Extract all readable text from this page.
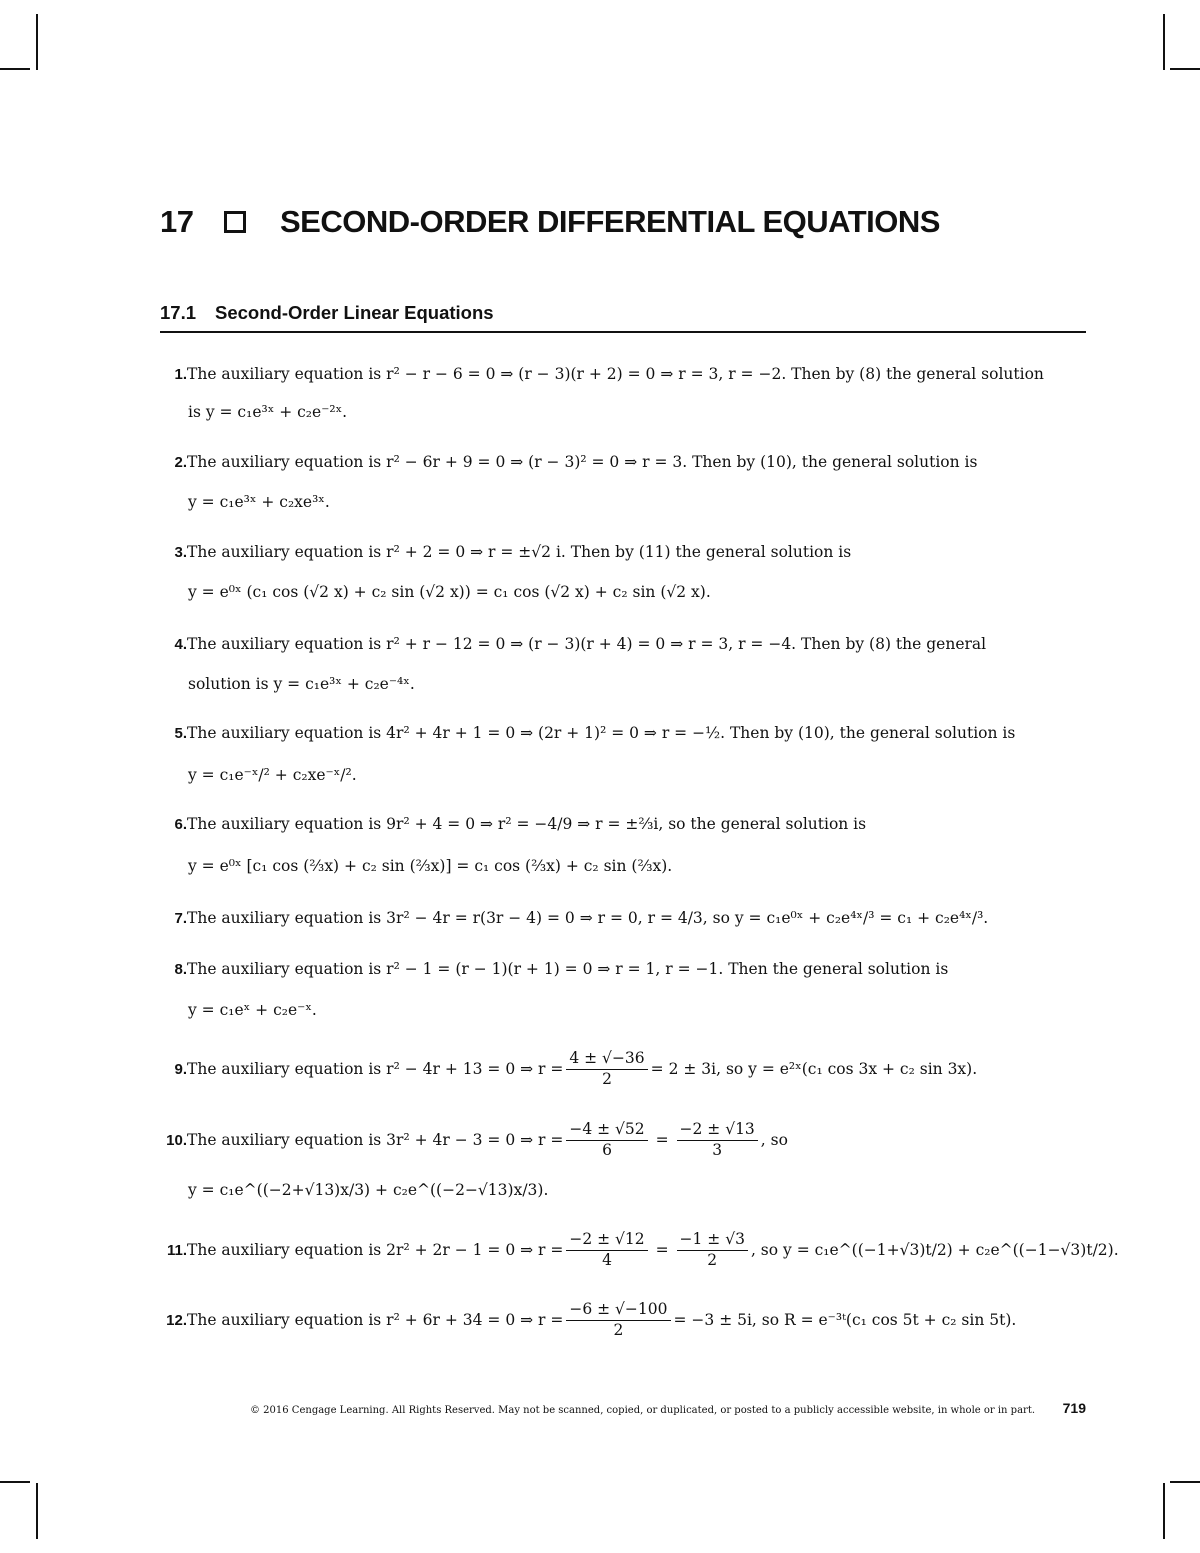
17	SECOND-ORDER DIFFERENTIAL EQUATIONS
17.1	Second-Order Linear Equations
1. The auxiliary equation is r² − r − 6 = 0 ⇒ (r − 3)(r + 2) = 0 ⇒ r = 3, r = −2. Then by (8) the general solution
is y = c₁e³ˣ + c₂e⁻²ˣ.
2. The auxiliary equation is r² − 6r + 9 = 0 ⇒ (r − 3)² = 0 ⇒ r = 3. Then by (10), the general solution is
y = c₁e³ˣ + c₂xe³ˣ.
3. The auxiliary equation is r² + 2 = 0 ⇒ r = ±√2 i. Then by (11) the general solution is
y = e⁰ˣ (c₁ cos (√2 x) + c₂ sin (√2 x)) = c₁ cos (√2 x) + c₂ sin (√2 x).
4. The auxiliary equation is r² + r − 12 = 0 ⇒ (r − 3)(r + 4) = 0 ⇒ r = 3, r = −4. Then by (8) the general
solution is y = c₁e³ˣ + c₂e⁻⁴ˣ.
5. The auxiliary equation is 4r² + 4r + 1 = 0 ⇒ (2r + 1)² = 0 ⇒ r = −½. Then by (10), the general solution is
y = c₁e⁻ˣ/² + c₂xe⁻ˣ/².
6. The auxiliary equation is 9r² + 4 = 0 ⇒ r² = −4/9 ⇒ r = ±⅔i, so the general solution is
y = e⁰ˣ [c₁ cos (⅔x) + c₂ sin (⅔x)] = c₁ cos (⅔x) + c₂ sin (⅔x).
7. The auxiliary equation is 3r² − 4r = r(3r − 4) = 0 ⇒ r = 0, r = 4/3, so y = c₁e⁰ˣ + c₂e⁴ˣ/³ = c₁ + c₂e⁴ˣ/³.
8. The auxiliary equation is r² − 1 = (r − 1)(r + 1) = 0 ⇒ r = 1, r = −1. Then the general solution is
y = c₁eˣ + c₂e⁻ˣ.
9. The auxiliary equation is r² − 4r + 13 = 0 ⇒ $r = \frac{4 \pm √-36}{2} = 2 \pm 3i$, so y = e²ˣ(c₁ cos 3x + c₂ sin 3x).
10. The auxiliary equation is 3r² + 4r − 3 = 0 ⇒ $r = \frac{-4 \pm √52}{6} = \frac{-2 \pm √13}{3}$ , so
y = c₁e^((−2+√13)x/3) + c₂e^((−2−√13)x/3).
11. The auxiliary equation is 2r² + 2r − 1 = 0 ⇒ $r = \frac{-2 \pm √12}{4} = \frac{-1 \pm √3}{2}$ , so y = c₁e^((−1+√3)t/2) + c₂e^((−1−√3)t/2).
12. The auxiliary equation is r² + 6r + 34 = 0 ⇒ $r = \frac{-6 \pm √-100}{2} = -3 \pm 5i$, so R = e⁻³ᵗ(c₁ cos 5t + c₂ sin 5t).
© 2016 Cengage Learning. All Rights Reserved. May not be scanned, copied, or duplicated, or posted to a publicly accessible website, in whole or in part. 719
